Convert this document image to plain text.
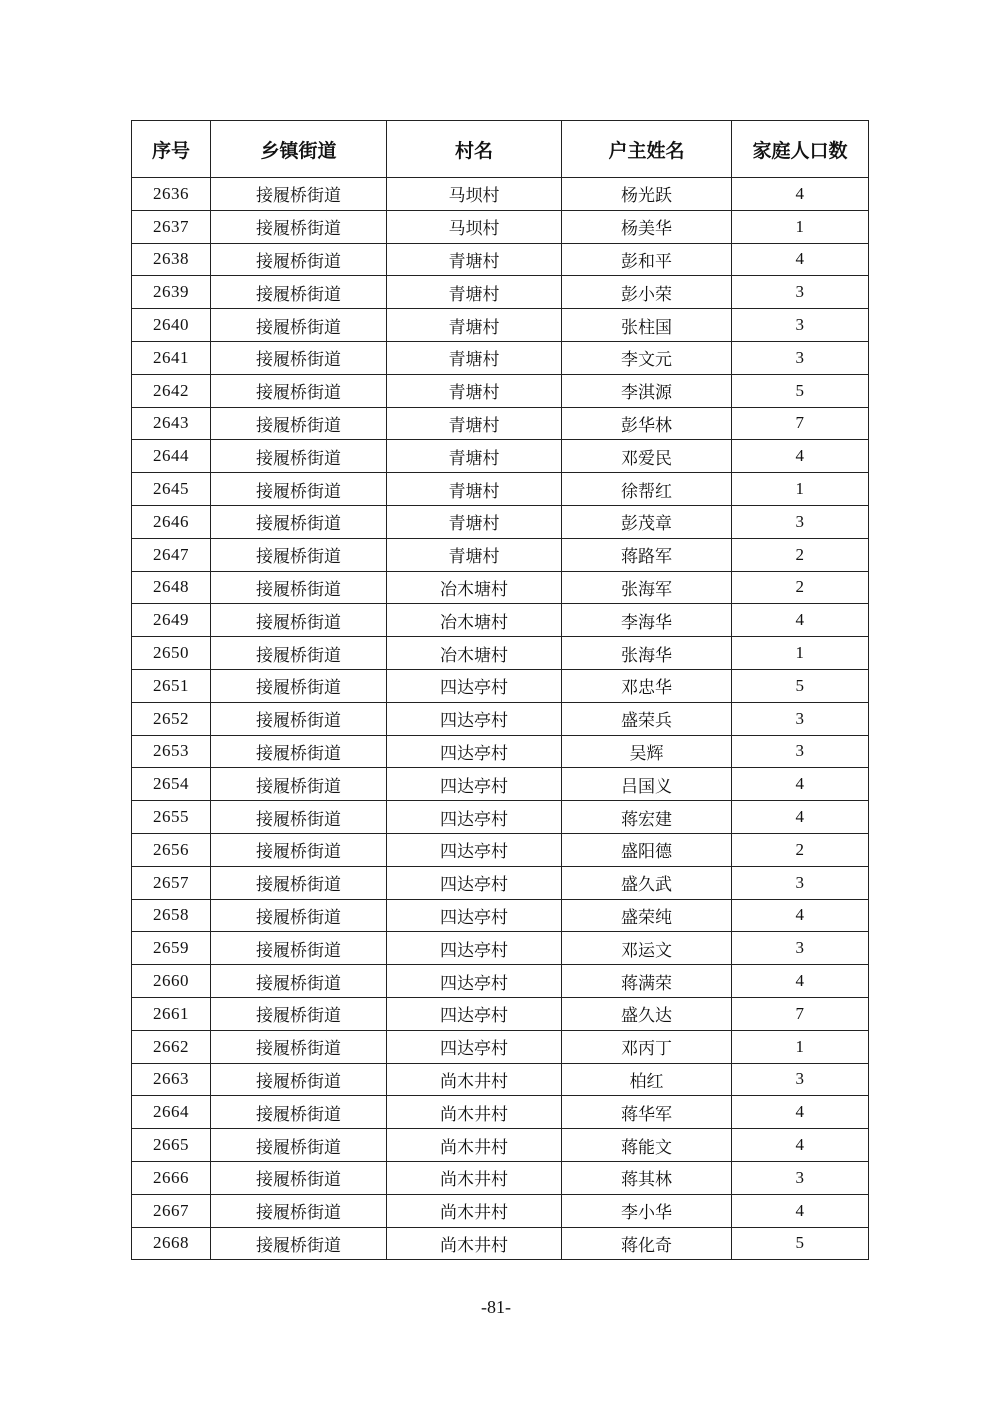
序号	乡镇街道	村名	户主姓名	家庭人口数
2636	接履桥街道	马坝村	杨光跃	4
2637	接履桥街道	马坝村	杨美华	1
2638	接履桥街道	青塘村	彭和平	4
2639	接履桥街道	青塘村	彭小荣	3
2640	接履桥街道	青塘村	张柱国	3
2641	接履桥街道	青塘村	李文元	3
2642	接履桥街道	青塘村	李淇源	5
2643	接履桥街道	青塘村	彭华林	7
2644	接履桥街道	青塘村	邓爱民	4
2645	接履桥街道	青塘村	徐帮红	1
2646	接履桥街道	青塘村	彭茂章	3
2647	接履桥街道	青塘村	蒋路军	2
2648	接履桥街道	冶木塘村	张海军	2
2649	接履桥街道	冶木塘村	李海华	4
2650	接履桥街道	冶木塘村	张海华	1
2651	接履桥街道	四达亭村	邓忠华	5
2652	接履桥街道	四达亭村	盛荣兵	3
2653	接履桥街道	四达亭村	吴辉	3
2654	接履桥街道	四达亭村	吕国义	4
2655	接履桥街道	四达亭村	蒋宏建	4
2656	接履桥街道	四达亭村	盛阳德	2
2657	接履桥街道	四达亭村	盛久武	3
2658	接履桥街道	四达亭村	盛荣纯	4
2659	接履桥街道	四达亭村	邓运文	3
2660	接履桥街道	四达亭村	蒋满荣	4
2661	接履桥街道	四达亭村	盛久达	7
2662	接履桥街道	四达亭村	邓丙丁	1
2663	接履桥街道	尚木井村	柏红	3
2664	接履桥街道	尚木井村	蒋华军	4
2665	接履桥街道	尚木井村	蒋能文	4
2666	接履桥街道	尚木井村	蒋其林	3
2667	接履桥街道	尚木井村	李小华	4
2668	接履桥街道	尚木井村	蒋化奇	5
-81-
